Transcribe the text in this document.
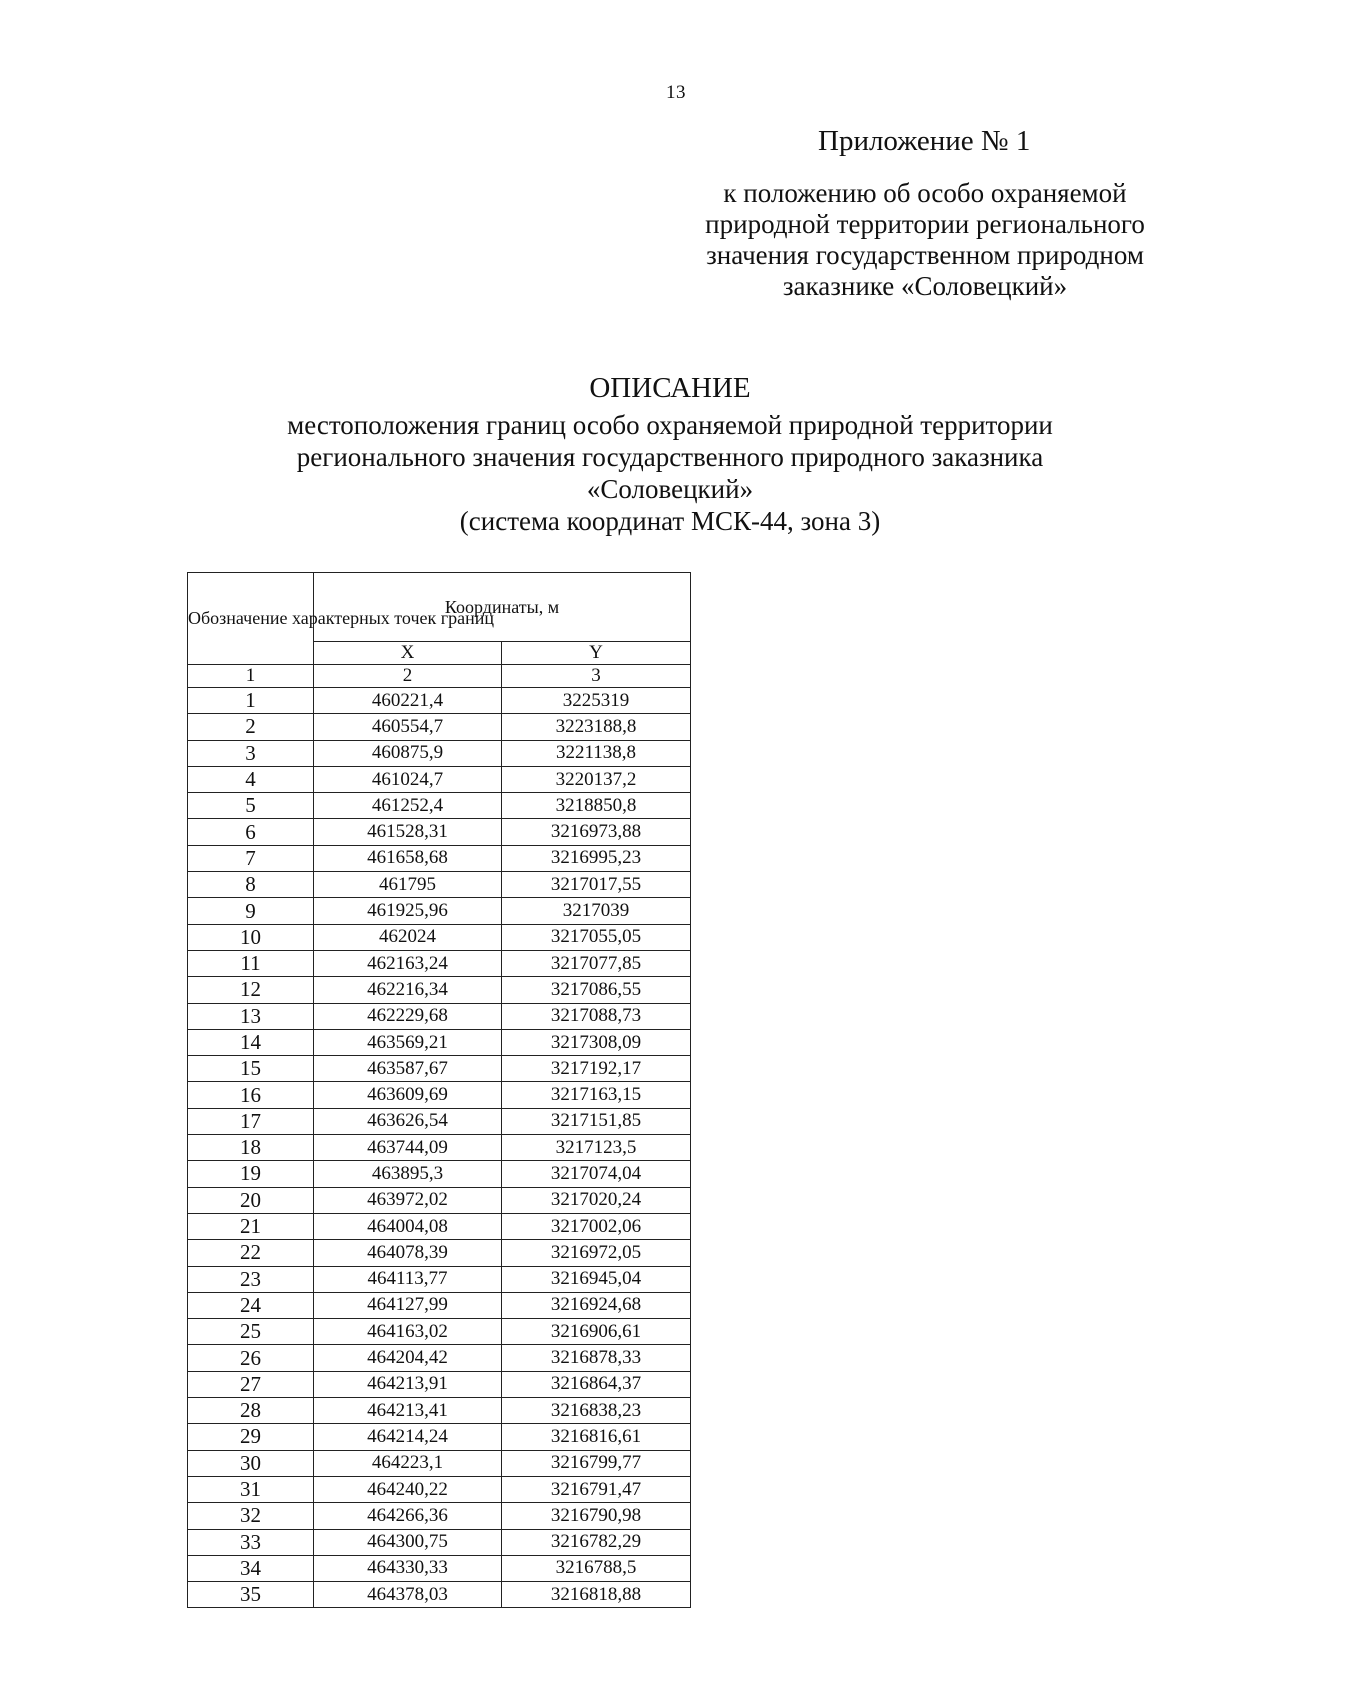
13
Приложение № 1
к положению об особо охраняемой
природной территории регионального
значения государственном природном
заказнике «Соловецкий»
ОПИСАНИЕ
местоположения границ особо охраняемой природной территории
регионального значения государственного природного заказника
«Соловецкий»
(система координат МСК-44, зона 3)
Обозначение характерных точек границ	Координаты, м	
	X	Y
1	2	3
1	460221,4	3225319
2	460554,7	3223188,8
3	460875,9	3221138,8
4	461024,7	3220137,2
5	461252,4	3218850,8
6	461528,31	3216973,88
7	461658,68	3216995,23
8	461795	3217017,55
9	461925,96	3217039
10	462024	3217055,05
11	462163,24	3217077,85
12	462216,34	3217086,55
13	462229,68	3217088,73
14	463569,21	3217308,09
15	463587,67	3217192,17
16	463609,69	3217163,15
17	463626,54	3217151,85
18	463744,09	3217123,5
19	463895,3	3217074,04
20	463972,02	3217020,24
21	464004,08	3217002,06
22	464078,39	3216972,05
23	464113,77	3216945,04
24	464127,99	3216924,68
25	464163,02	3216906,61
26	464204,42	3216878,33
27	464213,91	3216864,37
28	464213,41	3216838,23
29	464214,24	3216816,61
30	464223,1	3216799,77
31	464240,22	3216791,47
32	464266,36	3216790,98
33	464300,75	3216782,29
34	464330,33	3216788,5
35	464378,03	3216818,88
